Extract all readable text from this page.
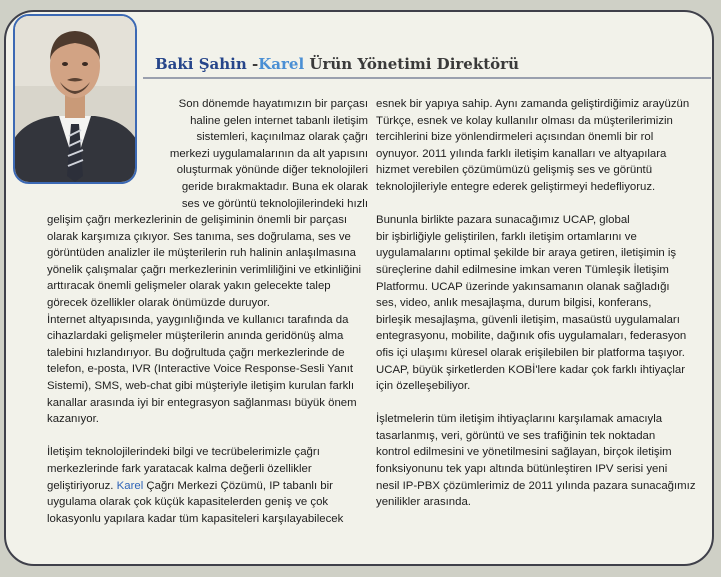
Baki Şahin -Karel Ürün Yönetimi Direktörü

Son dönemde hayatımızın bir parçası

haline gelen internet tabanlı iletişim

sistemleri, kaçınılmaz olarak çağrı

merkezi uygulamalarının da alt yapısını

oluşturmak yönünde diğer teknolojileri

geride bırakmaktadır. Buna ek olarak

ses ve görüntü teknolojilerindeki hızlı

gelişim çağrı merkezlerinin de gelişiminin önemli bir parçası

olarak karşımıza çıkıyor. Ses tanıma, ses doğrulama, ses ve

görüntüden analizler ile müşterilerin ruh halinin anlaşılmasına

yönelik çalışmalar çağrı merkezlerinin verimliliğini ve etkinliğini

arttıracak önemli gelişmeler olarak yakın gelecekte talep

görecek özellikler olarak önümüzde duruyor.

İnternet altyapısında, yaygınlığında ve kullanıcı tarafında da

cihazlardaki gelişmeler müşterilerin anında geridönüş alma

talebini hızlandırıyor. Bu doğrultuda çağrı merkezlerinde de

telefon, e-posta, IVR (Interactive Voice Response-Sesli Yanıt

Sistemi), SMS, web-chat gibi müşteriyle iletişim kurulan farklı

kanallar arasında iyi bir entegrasyon sağlanması büyük önem

kazanıyor.

İletişim teknolojilerindeki bilgi ve tecrübelerimizle çağrı

merkezlerinde fark yaratacak kalma değerli özellikler

geliştiriyoruz. Karel Çağrı Merkezi Çözümü, IP tabanlı bir

uygulama olarak çok küçük kapasitelerden geniş ve çok

lokasyonlu yapılara kadar tüm kapasiteleri karşılayabilecek

esnek bir yapıya sahip. Aynı zamanda geliştirdiğimiz arayüzün

Türkçe, esnek ve kolay kullanılır olması da müşterilerimizin

tercihlerini bize yönlendirmeleri açısından önemli bir rol

oynuyor. 2011 yılında farklı iletişim kanalları ve altyapılara

hizmet verebilen çözümümüzü gelişmiş ses ve görüntü

teknolojileriyle entegre ederek geliştirmeyi hedefliyoruz.

Bununla birlikte pazara sunacağımız UCAP, global

bir işbirliğiyle geliştirilen, farklı iletişim ortamlarını ve

uygulamalarını optimal şekilde bir araya getiren, iletişimin iş

süreçlerine dahil edilmesine imkan veren Tümleşik İletişim

Platformu. UCAP üzerinde yakınsamanın olanak sağladığı

ses, video, anlık mesajlaşma, durum bilgisi, konferans,

birleşik mesajlaşma, güvenli iletişim, masaüstü uygulamaları

entegrasyonu, mobilite, dağınık ofis uygulamaları, federasyon

ofis içi ulaşımı küresel olarak erişilebilen bir platforma taşıyor.

UCAP, büyük şirketlerden KOBİ'lere kadar çok farklı ihtiyaçlar

için özelleşebiliyor.

İşletmelerin tüm iletişim ihtiyaçlarını karşılamak amacıyla

tasarlanmış, veri, görüntü ve ses trafiğinin tek noktadan

kontrol edilmesini ve yönetilmesini sağlayan, birçok iletişim

fonksiyonunu tek yapı altında bütünleştiren IPV serisi yeni

nesil IP-PBX çözümlerimiz de 2011 yılında pazara sunacağımız

yenilikler arasında.
